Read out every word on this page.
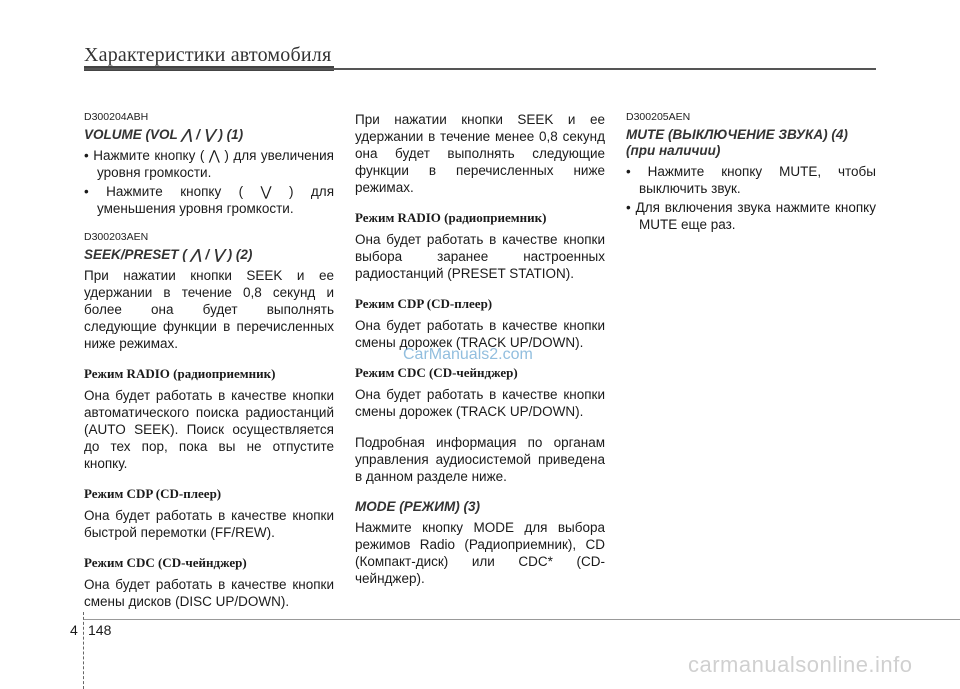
Характеристики автомобиля

D300204ABH

VOLUME (VOL ⋀ / ⋁ ) (1)

• Нажмите кнопку ( ⋀ ) для увеличения уровня громкости.

• Нажмите кнопку ( ⋁ ) для уменьшения уровня громкости.

D300203AEN

SEEK/PRESET ( ⋀ / ⋁ ) (2)

При нажатии кнопки SEEK и ее удержании в течение 0,8 секунд и более она будет выполнять следующие функции в перечисленных ниже режимах.

Режим RADIO (радиоприемник)

Она будет работать в качестве кнопки автоматического поиска радиостанций (AUTO SEEK). Поиск осуществляется до тех пор, пока вы не отпустите кнопку.

Режим CDP (CD-плеер)

Она будет работать в качестве кнопки быстрой перемотки (FF/REW).

Режим CDC (CD-чейнджер)

Она будет работать в качестве кнопки смены дисков (DISC UP/DOWN).

При нажатии кнопки SEEK и ее удержании в течение менее 0,8 секунд она будет выполнять следующие функции в перечисленных ниже режимах.

Режим RADIO (радиоприемник)

Она будет работать в качестве кнопки выбора заранее настроенных радиостанций (PRESET STATION).

Режим CDP (CD-плеер)

Она будет работать в качестве кнопки смены дорожек (TRACK UP/DOWN).

Режим CDC (CD-чейнджер)

Она будет работать в качестве кнопки смены дорожек (TRACK UP/DOWN).

Подробная информация по органам управления аудиосистемой приведена в данном разделе ниже.

MODE (РЕЖИМ) (3)

Нажмите кнопку MODE для выбора режимов Radio (Радиоприемник), CD (Компакт-диск) или CDC* (CD-чейнджер).

D300205AEN

MUTE (ВЫКЛЮЧЕНИЕ ЗВУКА) (4)

(при наличии)

• Нажмите кнопку MUTE, чтобы выключить звук.

• Для включения звука нажмите кнопку MUTE еще раз.

CarManuals2.com
4 148
carmanualsonline.info
